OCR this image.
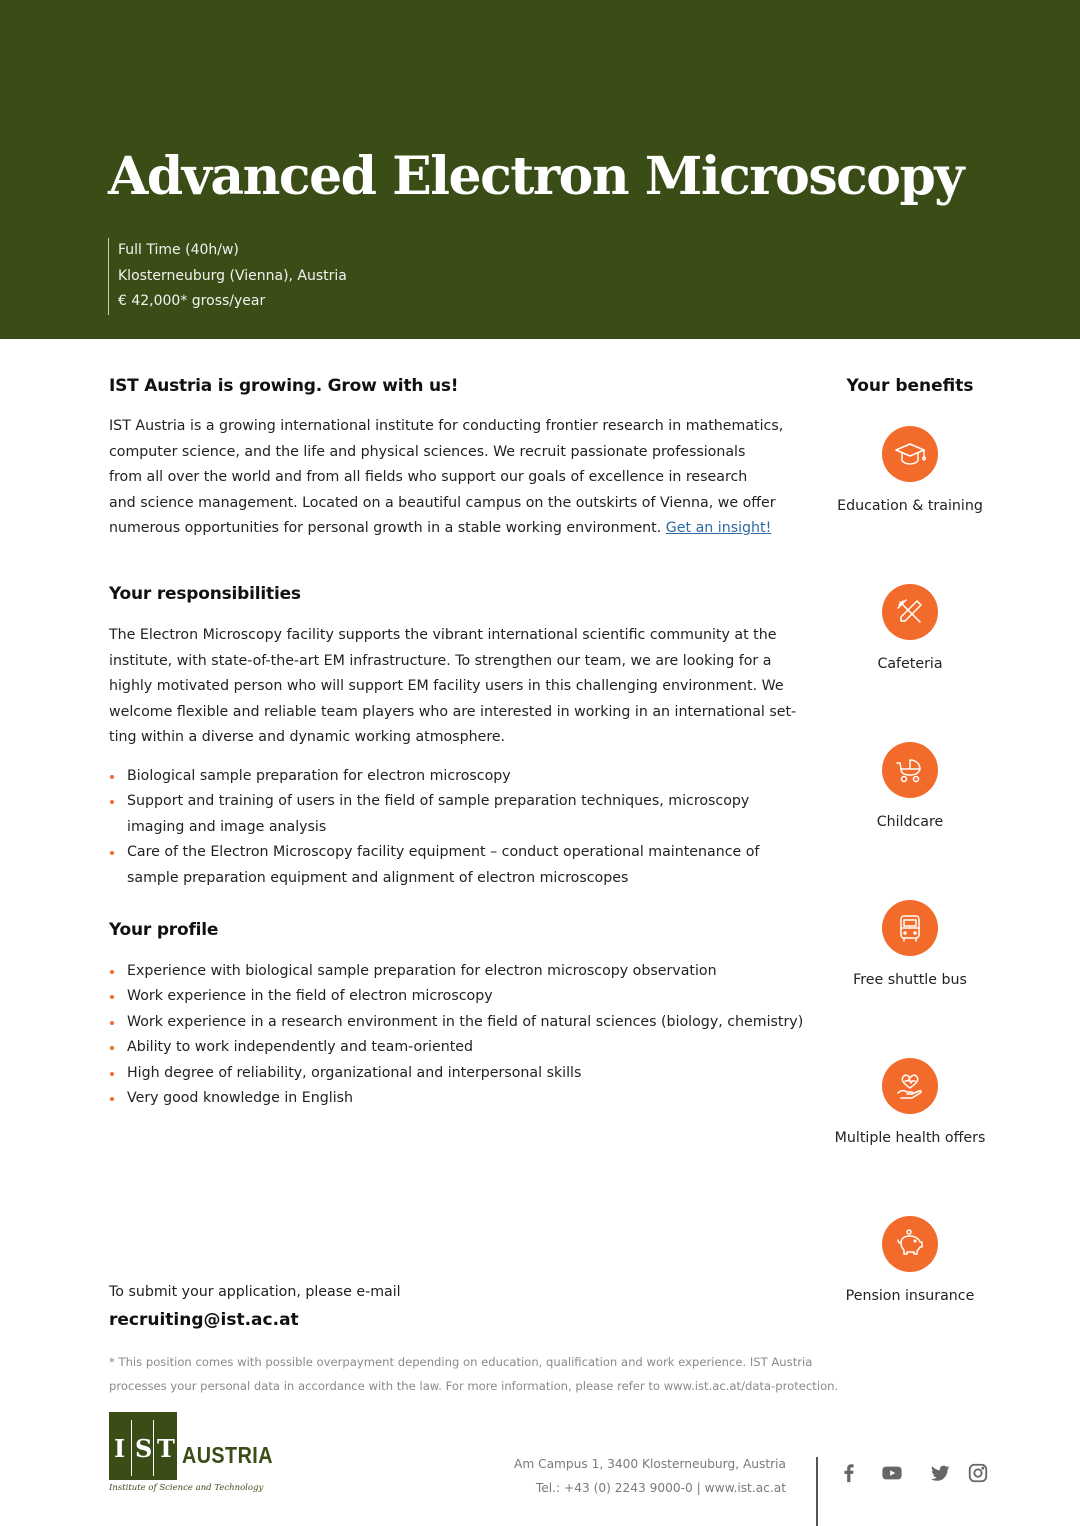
Advanced Electron Microscopy
Full Time (40h/w)
Klosterneuburg (Vienna), Austria
€ 42,000* gross/year
IST Austria is growing. Grow with us!
IST Austria is a growing international institute for conducting frontier research in mathematics,
computer science, and the life and physical sciences. We recruit passionate professionals
from all over the world and from all fields who support our goals of excellence in research
and science management. Located on a beautiful campus on the outskirts of Vienna, we offer
numerous opportunities for personal growth in a stable working environment. Get an insight!
Your responsibilities
The Electron Microscopy facility supports the vibrant international scientific community at the
institute, with state-of-the-art EM infrastructure. To strengthen our team, we are looking for a
highly motivated person who will support EM facility users in this challenging environment. We
welcome flexible and reliable team players who are interested in working in an international set-
ting within a diverse and dynamic working atmosphere.
Biological sample preparation for electron microscopy
Support and training of users in the field of sample preparation techniques, microscopy
imaging and image analysis
Care of the Electron Microscopy facility equipment – conduct operational maintenance of
sample preparation equipment and alignment of electron microscopes
Your profile
Experience with biological sample preparation for electron microscopy observation
Work experience in the field of electron microscopy
Work experience in a research environment in the field of natural sciences (biology, chemistry)
Ability to work independently and team-oriented
High degree of reliability, organizational and interpersonal skills
Very good knowledge in English
Your benefits
Education & training
Cafeteria
Childcare
Free shuttle bus
Multiple health offers
Pension insurance
To submit your application, please e-mail
recruiting@ist.ac.at
* This position comes with possible overpayment depending on education, qualification and work experience. IST Austria
processes your personal data in accordance with the law. For more information, please refer to www.ist.ac.at/data-protection.
I S T AUSTRIA
Institute of Science and Technology
Am Campus 1, 3400 Klosterneuburg, Austria
Tel.: +43 (0) 2243 9000-0 | www.ist.ac.at
